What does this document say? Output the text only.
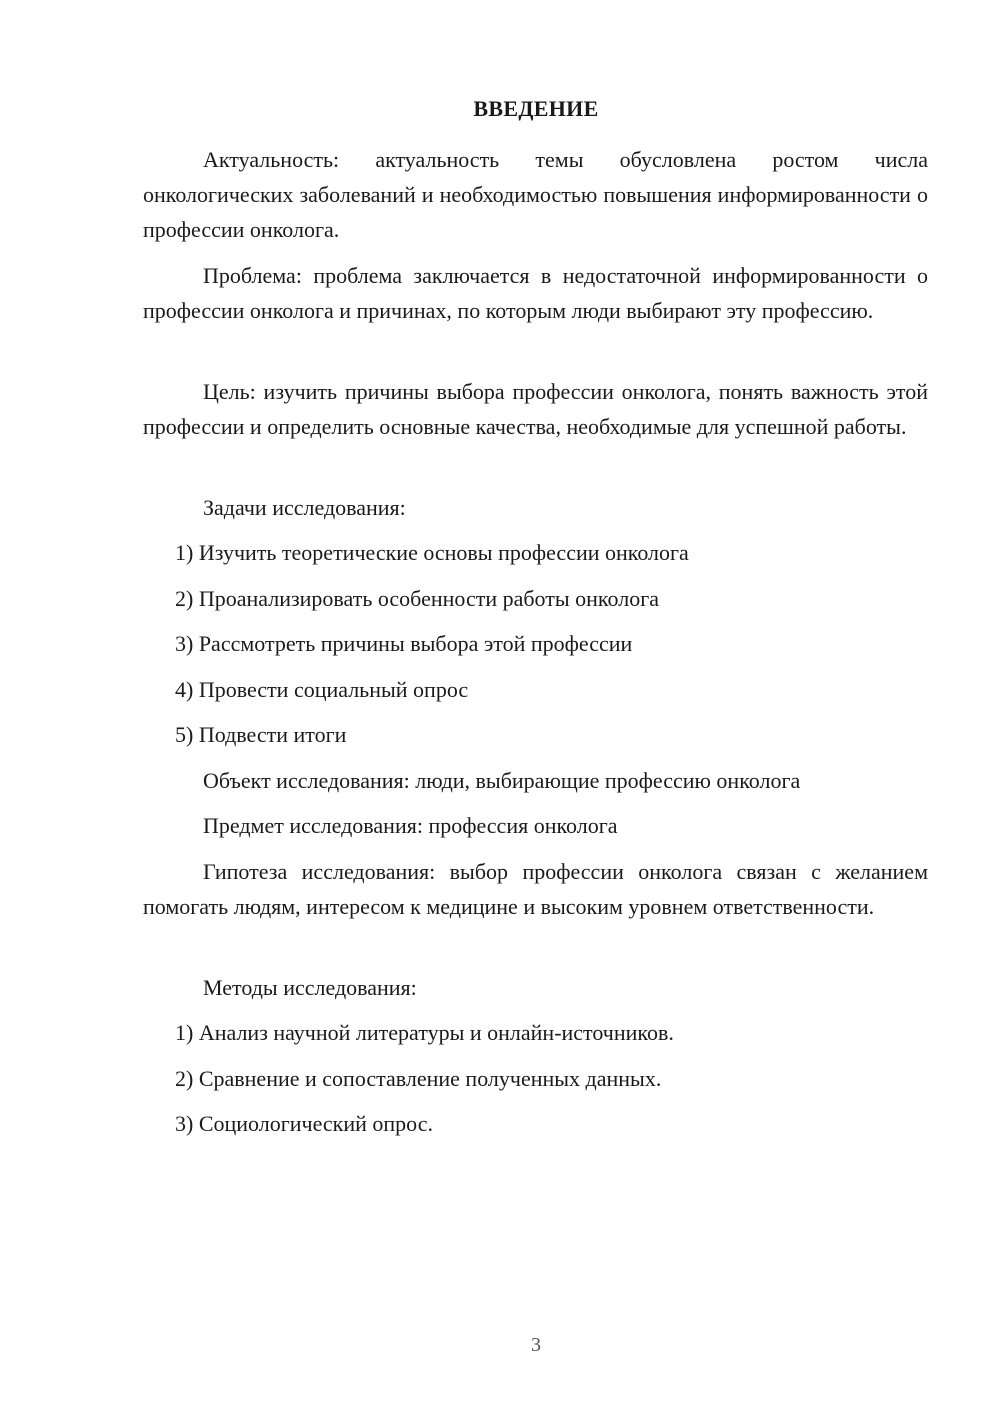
ВВЕДЕНИЕ
Актуальность: актуальность темы обусловлена ростом числа онкологических заболеваний и необходимостью повышения информированности о профессии онколога.
Проблема: проблема заключается в недостаточной информированности о профессии онколога и причинах, по которым люди выбирают эту профессию.
Цель: изучить причины выбора профессии онколога, понять важность этой профессии и определить основные качества, необходимые для успешной работы.
Задачи исследования:
1) Изучить теоретические основы профессии онколога
2) Проанализировать особенности работы онколога
3) Рассмотреть причины выбора этой профессии
4) Провести социальный опрос
5) Подвести итоги
Объект исследования: люди, выбирающие профессию онколога
Предмет исследования: профессия онколога
Гипотеза исследования: выбор профессии онколога связан с желанием помогать людям, интересом к медицине и высоким уровнем ответственности.
Методы исследования:
1) Анализ научной литературы и онлайн-источников.
2) Сравнение и сопоставление полученных данных.
3) Социологический опрос.
3
